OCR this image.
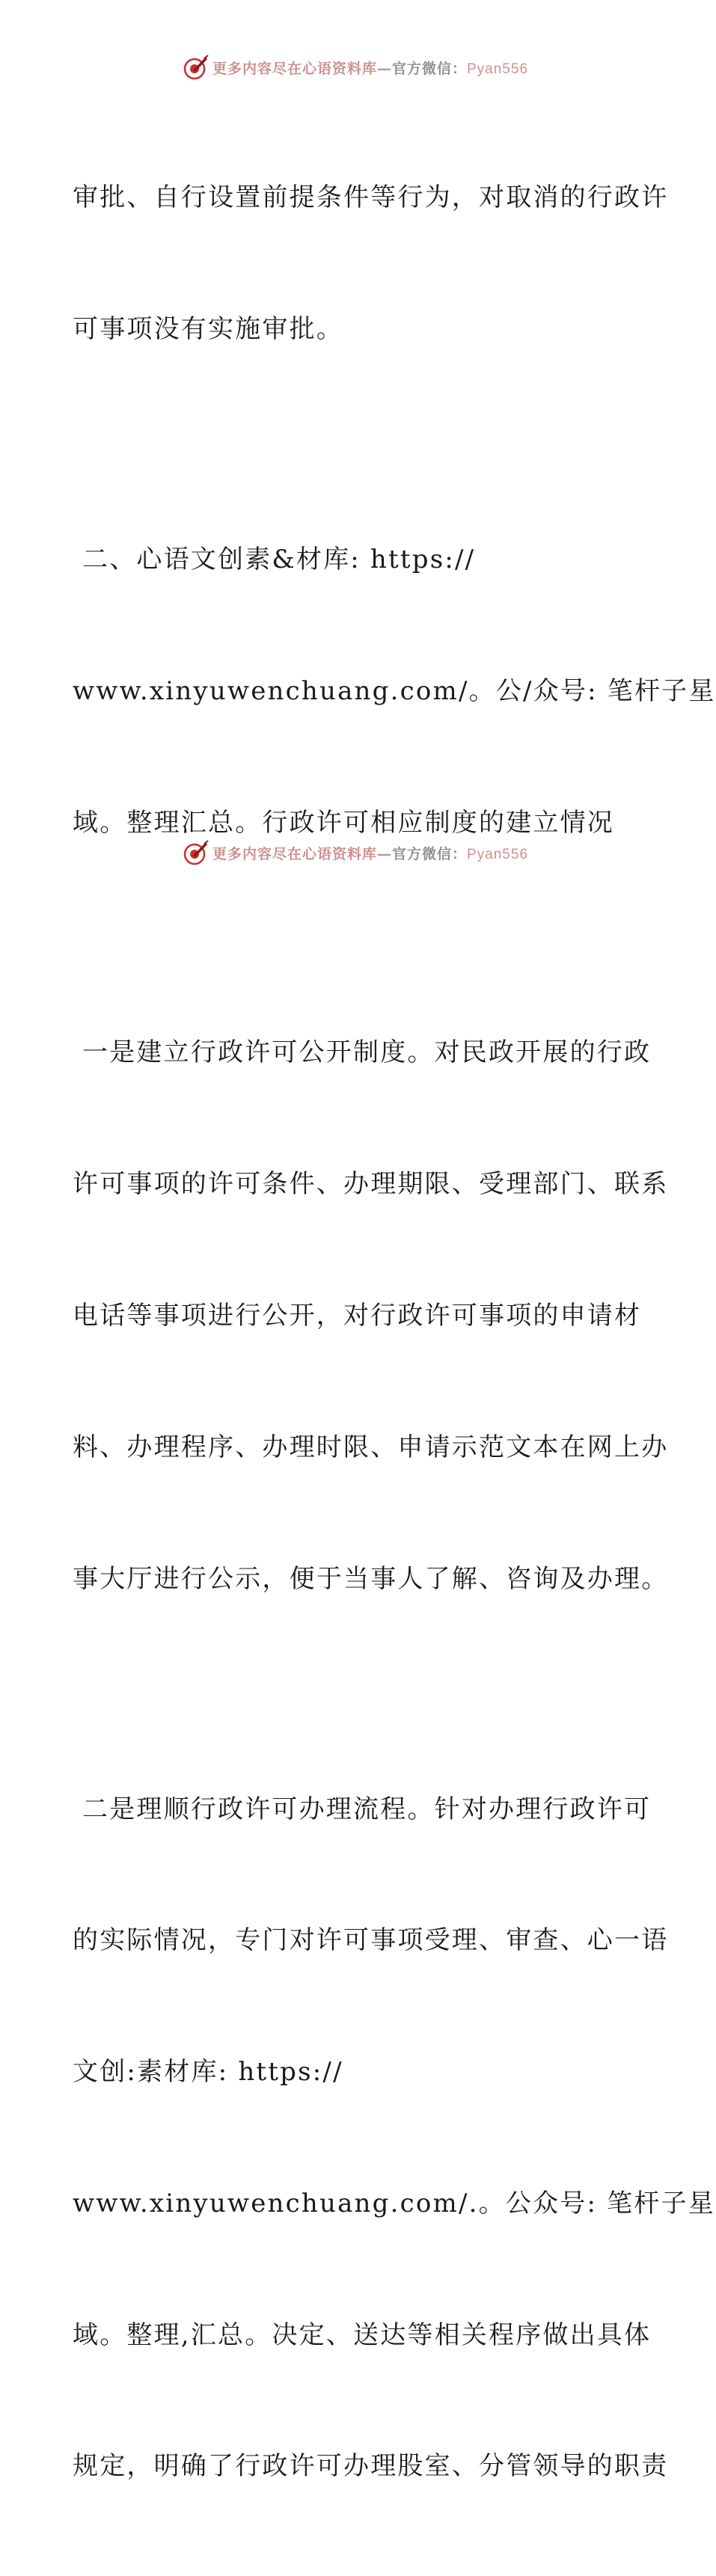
更多内容尽在心语资料库—官方微信：Pyan556

审批、自行设置前提条件等行为，对取消的行政许

可事项没有实施审批。

二、心语文创素&材库: https://

www.xinyuwenchuang.com/。公/众号: 笔杆子星

域。整理汇总。行政许可相应制度的建立情况

一是建立行政许可公开制度。对民政开展的行政

许可事项的许可条件、办理期限、受理部门、联系

电话等事项进行公开，对行政许可事项的申请材

料、办理程序、办理时限、申请示范文本在网上办

事大厅进行公示，便于当事人了解、咨询及办理。

二是理顺行政许可办理流程。针对办理行政许可

的实际情况，专门对许可事项受理、审查、心一语

文创:素材库: https://

www.xinyuwenchuang.com/.。公众号: 笔杆子星

域。整理,汇总。决定、送达等相关程序做出具体

规定，明确了行政许可办理股室、分管领导的职责

更多内容尽在心语资料库—官方微信：Pyan556
